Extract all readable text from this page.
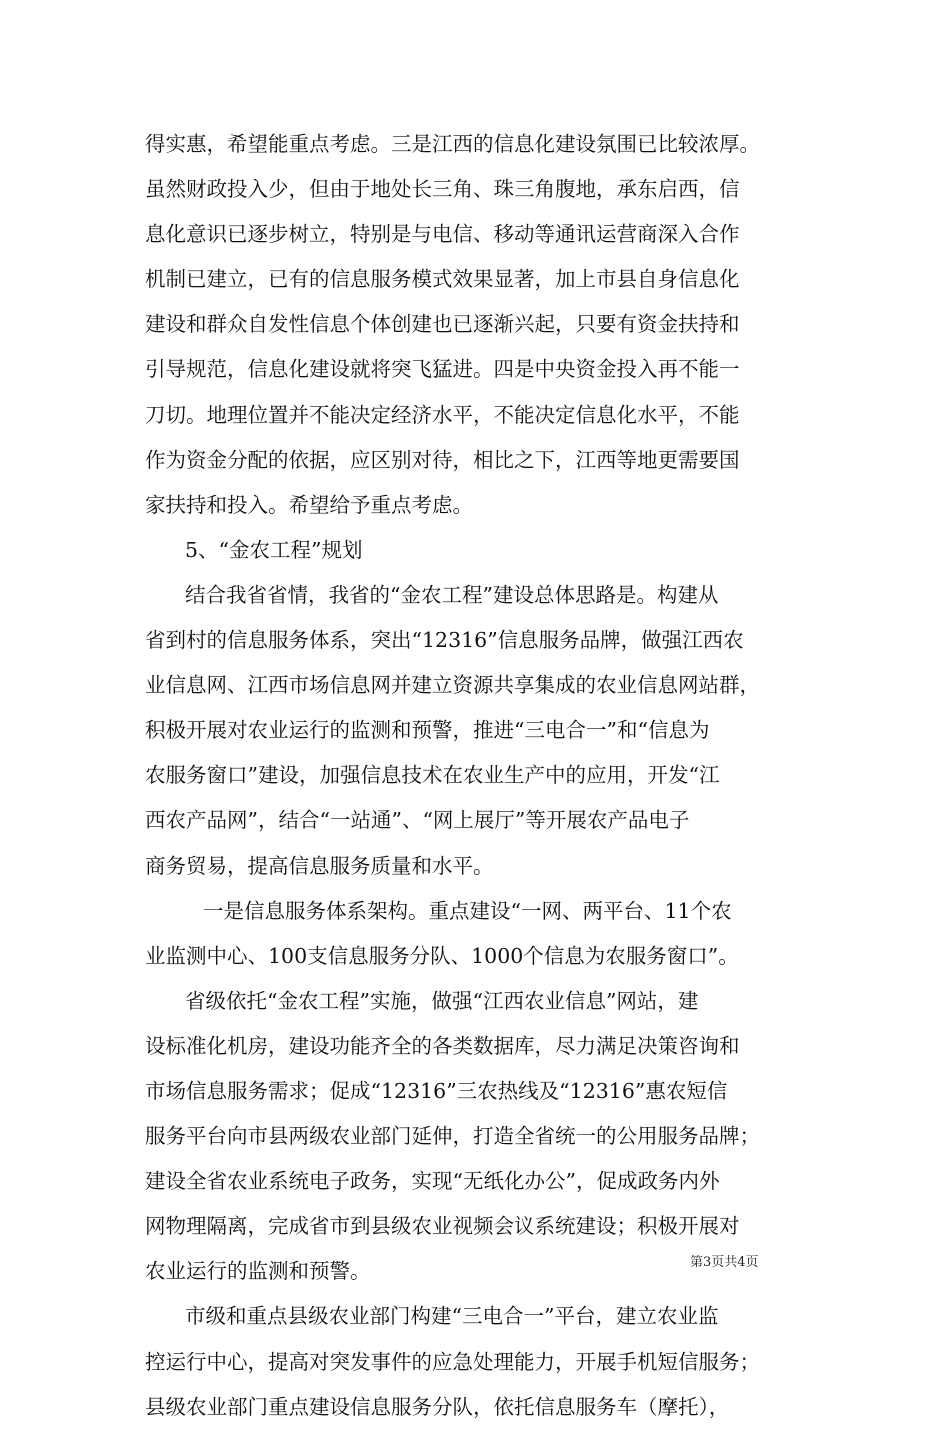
得实惠，希望能重点考虑。三是江西的信息化建设氛围已比较浓厚。
虽然财政投入少，但由于地处长三角、珠三角腹地，承东启西，信
息化意识已逐步树立，特别是与电信、移动等通讯运营商深入合作
机制已建立，已有的信息服务模式效果显著，加上市县自身信息化
建设和群众自发性信息个体创建也已逐渐兴起，只要有资金扶持和
引导规范，信息化建设就将突飞猛进。四是中央资金投入再不能一
刀切。地理位置并不能决定经济水平，不能决定信息化水平，不能
作为资金分配的依据，应区别对待，相比之下，江西等地更需要国
家扶持和投入。希望给予重点考虑。
5、“金农工程”规划
结合我省省情，我省的“金农工程”建设总体思路是。构建从
省到村的信息服务体系，突出“12316”信息服务品牌，做强江西农
业信息网、江西市场信息网并建立资源共享集成的农业信息网站群，
积极开展对农业运行的监测和预警，推进“三电合一”和“信息为
农服务窗口”建设，加强信息技术在农业生产中的应用，开发“江
西农产品网”，结合“一站通”、“网上展厅”等开展农产品电子
商务贸易，提高信息服务质量和水平。
一是信息服务体系架构。重点建设“一网、两平台、11个农
业监测中心、100支信息服务分队、1000个信息为农服务窗口”。
省级依托“金农工程”实施，做强“江西农业信息”网站，建
设标准化机房，建设功能齐全的各类数据库，尽力满足决策咨询和
市场信息服务需求；促成“12316”三农热线及“12316”惠农短信
服务平台向市县两级农业部门延伸，打造全省统一的公用服务品牌；
建设全省农业系统电子政务，实现“无纸化办公”，促成政务内外
网物理隔离，完成省市到县级农业视频会议系统建设；积极开展对
农业运行的监测和预警。
市级和重点县级农业部门构建“三电合一”平台，建立农业监
控运行中心，提高对突发事件的应急处理能力，开展手机短信服务；
县级农业部门重点建设信息服务分队，依托信息服务车（摩托），
第3页共4页
